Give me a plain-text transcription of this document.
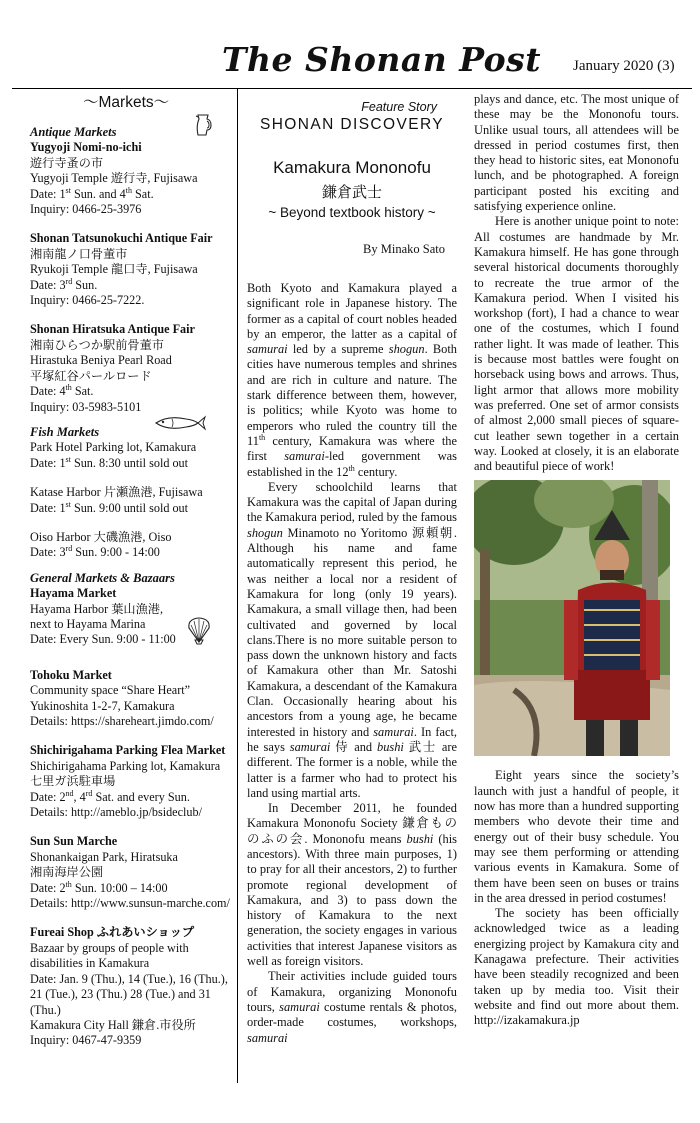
The Shonan Post January 2020 (3)
〜Markets〜
Antique Markets
Yugyoji Nomi-no-ichi
遊行寺蚤の市
Yugyoji Temple 遊行寺, Fujisawa
Date: 1st Sun. and 4th Sat.
Inquiry: 0466-25-3976
Shonan Tatsunokuchi Antique Fair
湘南龍ノ口骨董市
Ryukoji Temple 龍口寺, Fujisawa
Date: 3rd Sun.
Inquiry: 0466-25-7222.
Shonan Hiratsuka Antique Fair
湘南ひらつか駅前骨董市
Hirastuka Beniya Pearl Road
平塚紅谷パールロード
Date: 4th Sat.
Inquiry: 03-5983-5101
Fish Markets
Park Hotel Parking lot, Kamakura
Date: 1st Sun. 8:30 until sold out
Katase Harbor 片瀬漁港, Fujisawa
Date: 1st Sun. 9:00 until sold out
Oiso Harbor 大磯漁港, Oiso
Date: 3rd Sun. 9:00 - 14:00
General Markets & Bazaars
Hayama Market
Hayama Harbor 葉山漁港,
next to Hayama Marina
Date: Every Sun. 9:00 - 11:00
Tohoku Market
Community space “Share Heart”
Yukinoshita 1-2-7, Kamakura
Details: https://shareheart.jimdo.com/
Shichirigahama Parking Flea Market
Shichirigahama Parking lot, Kamakura
七里ガ浜駐車場
Date: 2nd, 4rd Sat. and every Sun.
Details: http://ameblo.jp/bsideclub/
Sun Sun Marche
Shonankaigan Park, Hiratsuka
湘南海岸公園
Date: 2th Sun. 10:00 – 14:00
Details: http://www.sunsun-marche.com/
Fureai Shop ふれあいショップ
Bazaar by groups of people with
disabilities in Kamakura
Date: Jan. 9 (Thu.), 14 (Tue.), 16 (Thu.), 21 (Tue.), 23 (Thu.) 28 (Tue.) and 31 (Thu.)
Kamakura City Hall 鎌倉.市役所
Inquiry: 0467-47-9359
Feature Story
SHONAN DISCOVERY
Kamakura Mononofu
鎌倉武士
~ Beyond textbook history ~
By Minako Sato

Both Kyoto and Kamakura played a significant role in Japanese history. The former as a capital of court nobles headed by an emperor, the latter as a capital of samurai led by a supreme shogun. Both cities have numerous temples and shrines and are rich in culture and nature. The stark difference between them, however, is politics; while Kyoto was home to emperors who ruled the country till the 11th century, Kamakura was where the first samurai-led government was established in the 12th century.

Every schoolchild learns that Kamakura was the capital of Japan during the Kamakura period, ruled by the famous shogun Minamoto no Yoritomo 源頼朝. Although his name and fame automatically represent this period, he was neither a local nor a resident of Kamakura for long (only 19 years). Kamakura, a small village then, had been cultivated and governed by local clans.There is no more suitable person to pass down the unknown history and facts of Kamakura other than Mr. Satoshi Kamakura, a descendant of the Kamakura Clan. Occasionally hearing about his ancestors from a young age, he became interested in history and samurai. In fact, he says samurai 侍 and bushi 武士 are different. The former is a noble, while the latter is a farmer who had to protect his land using martial arts.

In December 2011, he founded Kamakura Mononofu Society 鎌倉もののふの会. Mononofu means bushi (his ancestors). With three main purposes, 1) to pray for all their ancestors, 2) to further promote regional development of Kamakura, and 3) to pass down the history of Kamakura to the next generation, the society engages in various activities that interest Japanese visitors as well as foreign visitors.

Their activities include guided tours of Kamakura, organizing Mononofu tours, samurai costume rentals & photos, order-made costumes, workshops, samurai

plays and dance, etc. The most unique of these may be the Mononofu tours. Unlike usual tours, all attendees will be dressed in period costumes first, then they head to historic sites, eat Mononofu lunch, and be photographed. A foreign participant posted his exciting and satisfying experience online.

Here is another unique point to note: All costumes are handmade by Mr. Kamakura himself. He has gone through several historical documents thoroughly to recreate the true armor of the Kamakura period. When I visited his workshop (fort), I had a chance to wear one of the costumes, which I found rather light. It was made of leather. This is because most battles were fought on horseback using bows and arrows. Thus, light armor that allows more mobility was preferred. One set of armor consists of almost 2,000 small pieces of square-cut leather sewn together in a certain way. Looked at closely, it is an elaborate and beautiful piece of work!

Eight years since the society’s launch with just a handful of people, it now has more than a hundred supporting members who devote their time and energy out of their busy schedule. You may see them performing or attending various events in Kamakura. Some of them have been seen on buses or trains in the area dressed in period costumes!

The society has been officially acknowledged twice as a leading energizing project by Kamakura city and Kanagawa prefecture. Their activities have been steadily recognized and been taken up by media too. Visit their website and find out more about them. http://izakamakura.jp
